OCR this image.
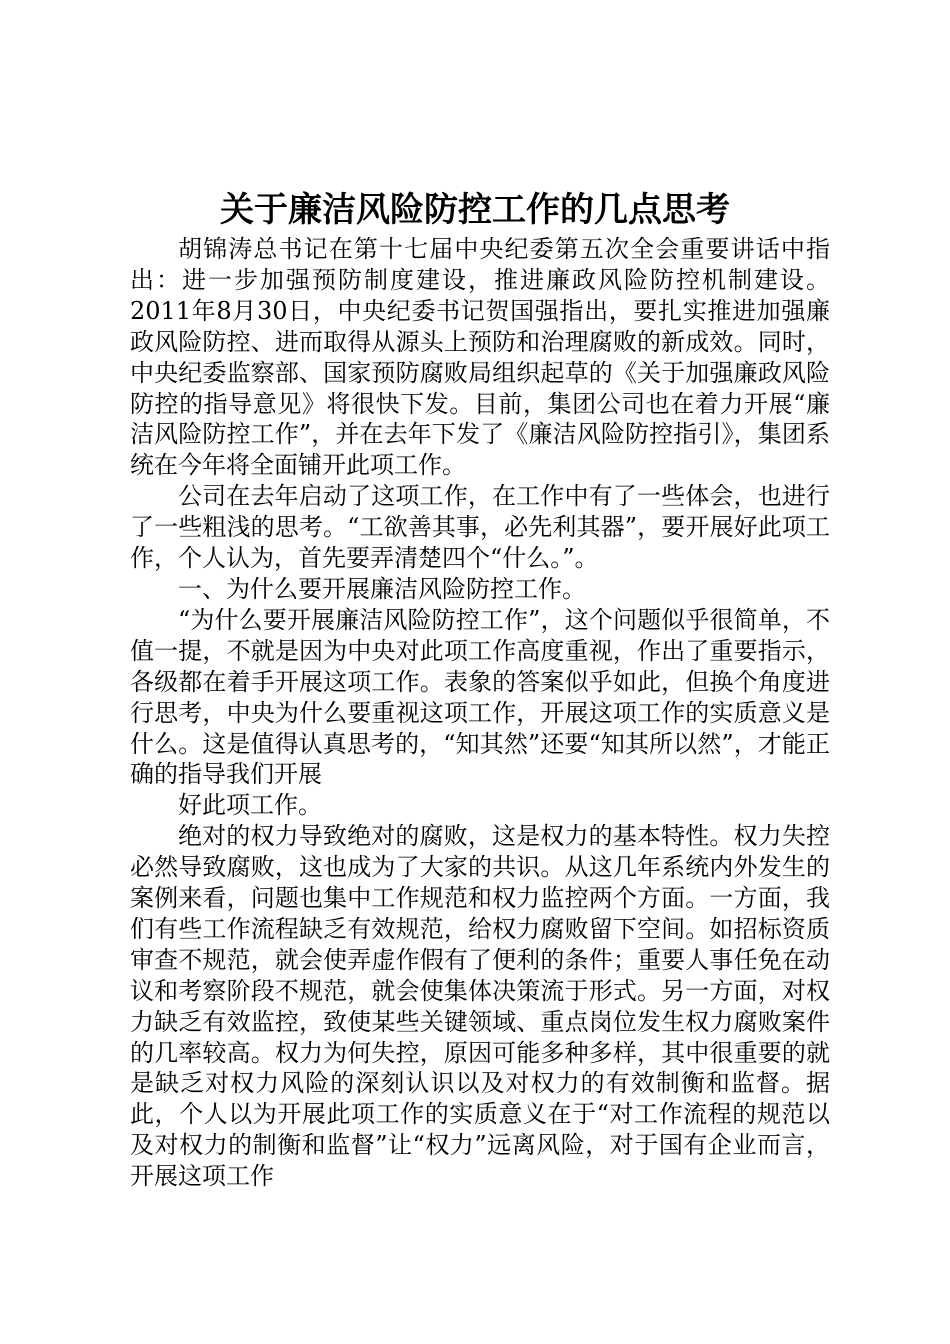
关于廉洁风险防控工作的几点思考

胡锦涛总书记在第十七届中央纪委第五次全会重要讲话中指出：进一步加强预防制度建设，推进廉政风险防控机制建设。2011年8月30日，中央纪委书记贺国强指出，要扎实推进加强廉政风险防控、进而取得从源头上预防和治理腐败的新成效。同时，中央纪委监察部、国家预防腐败局组织起草的《关于加强廉政风险防控的指导意见》将很快下发。目前，集团公司也在着力开展“廉洁风险防控工作”，并在去年下发了《廉洁风险防控指引》，集团系统在今年将全面铺开此项工作。

公司在去年启动了这项工作，在工作中有了一些体会，也进行了一些粗浅的思考。“工欲善其事，必先利其器”，要开展好此项工作，个人认为，首先要弄清楚四个“什么。”。

一、为什么要开展廉洁风险防控工作。

“为什么要开展廉洁风险防控工作”，这个问题似乎很简单，不值一提，不就是因为中央对此项工作高度重视，作出了重要指示，各级都在着手开展这项工作。表象的答案似乎如此，但换个角度进行思考，中央为什么要重视这项工作，开展这项工作的实质意义是什么。这是值得认真思考的，“知其然”还要“知其所以然”，才能正确的指导我们开展

好此项工作。

绝对的权力导致绝对的腐败，这是权力的基本特性。权力失控必然导致腐败，这也成为了大家的共识。从这几年系统内外发生的案例来看，问题也集中工作规范和权力监控两个方面。一方面，我们有些工作流程缺乏有效规范，给权力腐败留下空间。如招标资质审查不规范，就会使弄虚作假有了便利的条件；重要人事任免在动议和考察阶段不规范，就会使集体决策流于形式。另一方面，对权力缺乏有效监控，致使某些关键领域、重点岗位发生权力腐败案件的几率较高。权力为何失控，原因可能多种多样，其中很重要的就是缺乏对权力风险的深刻认识以及对权力的有效制衡和监督。据此，个人以为开展此项工作的实质意义在于“对工作流程的规范以及对权力的制衡和监督”让“权力”远离风险，对于国有企业而言，开展这项工作
